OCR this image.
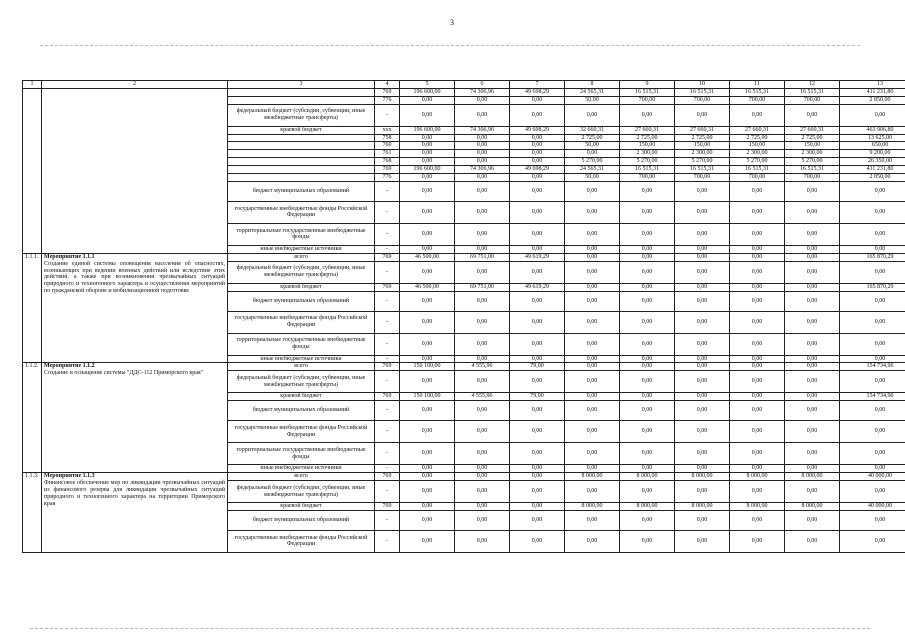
3
1	2	3	4	5	6	7	8	9	10	11	12	13
			769	196 600,00	74 306,96	49 698,29	24 565,31	16 515,31	16 515,31	16 515,31	16 515,31	411 231,80
			776	0,00	0,00	0,00	50,00	700,00	700,00	700,00	700,00	2 850,00
		федеральный бюджет (субсидии, субвенции, иные межбюджетные трансферты)	-	0,00	0,00	0,00	0,00	0,00	0,00	0,00	0,00	0,00
		краевой бюджет	ххх	196 600,00	74 306,96	49 698,29	32 660,31	27 660,31	27 660,31	27 660,31	27 660,31	463 906,80
			758	0,00	0,00	0,00	2 725,00	2 725,00	2 725,00	2 725,00	2 725,00	13 625,00
			760	0,00	0,00	0,00	50,00	150,00	150,00	150,00	150,00	650,00
			761	0,00	0,00	0,00	0,00	2 300,00	2 300,00	2 300,00	2 300,00	9 200,00
			768	0,00	0,00	0,00	5 270,00	5 270,00	5 270,00	5 270,00	5 270,00	26 350,00
			769	196 600,00	74 306,96	49 698,29	24 565,31	16 515,31	16 515,31	16 515,31	16 515,31	411 231,80
			776	0,00	0,00	0,00	50,00	700,00	700,00	700,00	700,00	2 850,00
		бюджет муниципальных образований	-	0,00	0,00	0,00	0,00	0,00	0,00	0,00	0,00	0,00
		государственные внебюджетные фонды Российской Федерации	-	0,00	0,00	0,00	0,00	0,00	0,00	0,00	0,00	0,00
		территориальные государственные внебюджетные фонды	-	0,00	0,00	0,00	0,00	0,00	0,00	0,00	0,00	0,00
		иные внебюджетные источники	-	0,00	0,00	0,00	0,00	0,00	0,00	0,00	0,00	0,00
1.1.1.	Мероприятие 1.1.1
Создание единой системы оповещения населения об опасностях, возникающих при ведении военных действий или вследствие этих действий, а также при возникновении чрезвычайных ситуаций природного и техногенного характера и осуществления мероприятий по гражданской обороне и мобилизационной подготовке	всего	769	46 500,00	69 751,00	49 619,29	0,00	0,00	0,00	0,00	0,00	165 870,29
		федеральный бюджет (субсидии, субвенции, иные межбюджетные трансферты)	-	0,00	0,00	0,00	0,00	0,00	0,00	0,00	0,00	0,00
		краевой бюджет	769	46 500,00	69 751,00	49 619,29	0,00	0,00	0,00	0,00	0,00	165 870,29
		бюджет муниципальных образований	-	0,00	0,00	0,00	0,00	0,00	0,00	0,00	0,00	0,00
		государственные внебюджетные фонды Российской Федерации	-	0,00	0,00	0,00	0,00	0,00	0,00	0,00	0,00	0,00
		территориальные государственные внебюджетные фонды	-	0,00	0,00	0,00	0,00	0,00	0,00	0,00	0,00	0,00
		иные внебюджетные источники	-	0,00	0,00	0,00	0,00	0,00	0,00	0,00	0,00	0,00
1.1.2.	Мероприятие 1.1.2
Создание и оснащение системы "ДДС-112 Приморского края"	всего	769	150 100,00	4 555,96	79,00	0,00	0,00	0,00	0,00	0,00	154 734,96
		федеральный бюджет (субсидии, субвенции, иные межбюджетные трансферты)	-	0,00	0,00	0,00	0,00	0,00	0,00	0,00	0,00	0,00
		краевой бюджет	769	150 100,00	4 555,96	79,00	0,00	0,00	0,00	0,00	0,00	154 734,96
		бюджет муниципальных образований	-	0,00	0,00	0,00	0,00	0,00	0,00	0,00	0,00	0,00
		государственные внебюджетные фонды Российской Федерации	-	0,00	0,00	0,00	0,00	0,00	0,00	0,00	0,00	0,00
		территориальные государственные внебюджетные фонды	-	0,00	0,00	0,00	0,00	0,00	0,00	0,00	0,00	0,00
		иные внебюджетные источники	-	0,00	0,00	0,00	0,00	0,00	0,00	0,00	0,00	0,00
1.1.3.	Мероприятие 1.1.3
Финансовое обеспечение мер по ликвидации чрезвычайных ситуаций из финансового резерва для ликвидации чрезвычайных ситуаций природного и техногенного характера на территории Приморского края	всего	769	0,00	0,00	0,00	8 000,00	8 000,00	8 000,00	8 000,00	8 000,00	40 000,00
		федеральный бюджет (субсидии, субвенции, иные межбюджетные трансферты)	-	0,00	0,00	0,00	0,00	0,00	0,00	0,00	0,00	0,00
		краевой бюджет	769	0,00	0,00	0,00	8 000,00	8 000,00	8 000,00	8 000,00	8 000,00	40 000,00
		бюджет муниципальных образований	-	0,00	0,00	0,00	0,00	0,00	0,00	0,00	0,00	0,00
		государственные внебюджетные фонды Российской Федерации	-	0,00	0,00	0,00	0,00	0,00	0,00	0,00	0,00	0,00
